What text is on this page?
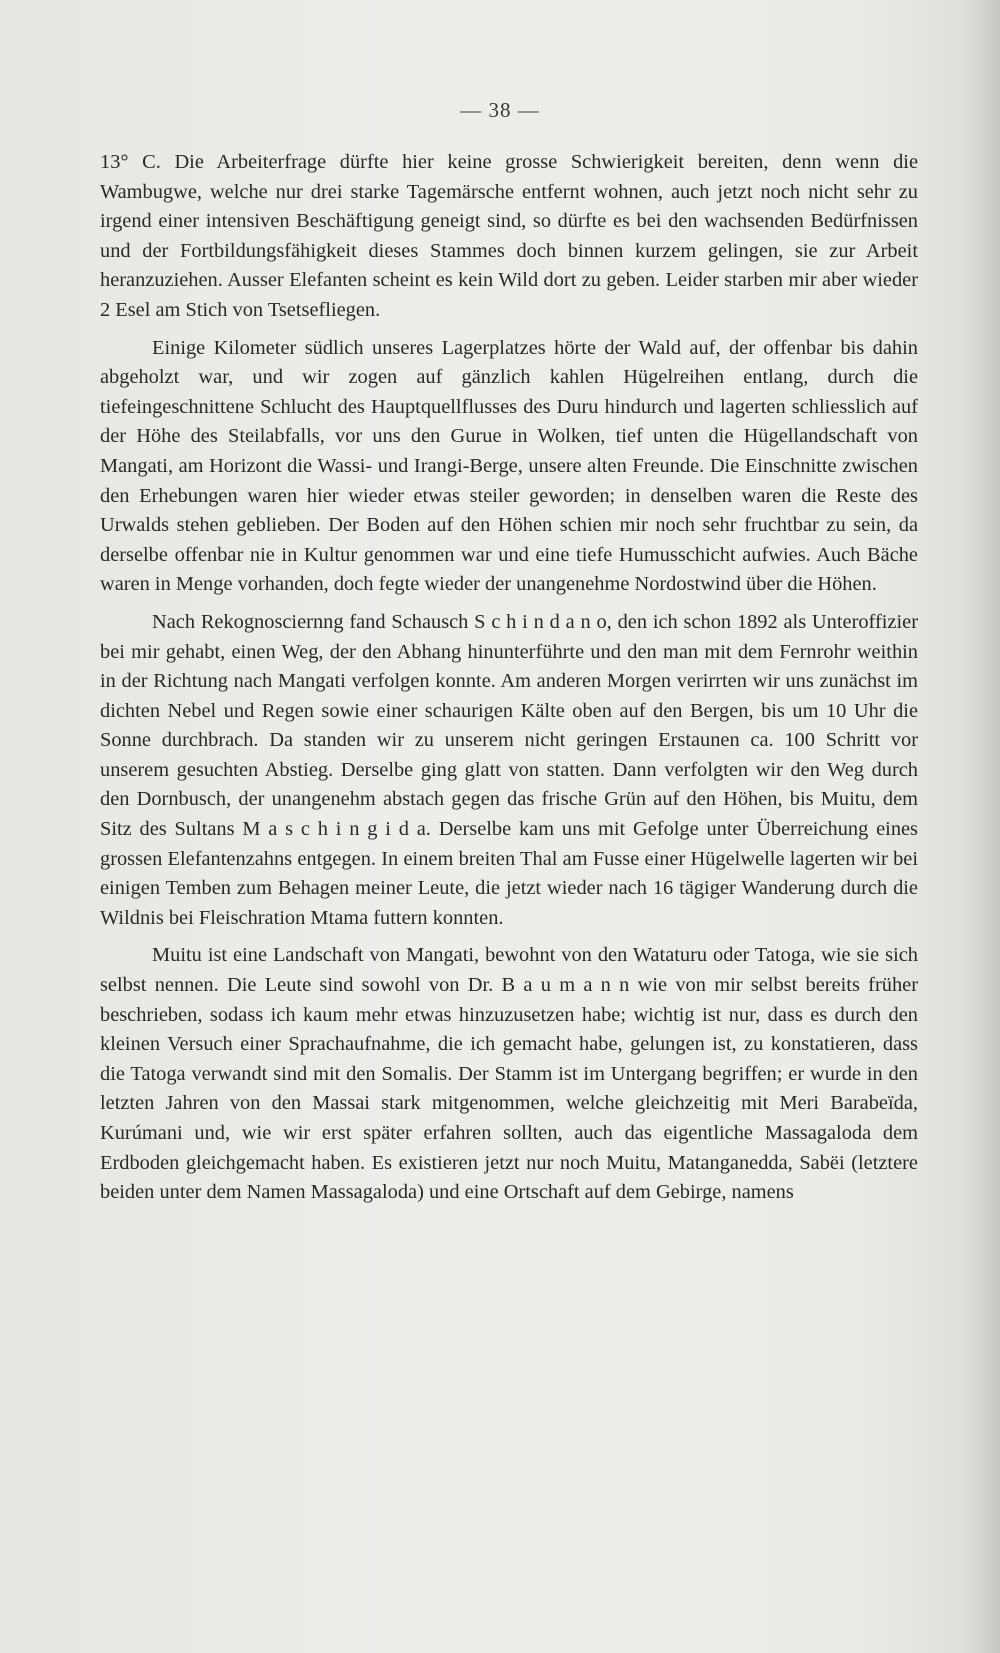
— 38 —

13° C. Die Arbeiterfrage dürfte hier keine grosse Schwierigkeit bereiten, denn wenn die Wambugwe, welche nur drei starke Tagemärsche entfernt wohnen, auch jetzt noch nicht sehr zu irgend einer intensiven Beschäftigung geneigt sind, so dürfte es bei den wachsenden Bedürfnissen und der Fortbildungsfähigkeit dieses Stammes doch binnen kurzem gelingen, sie zur Arbeit heranzuziehen. Ausser Elefanten scheint es kein Wild dort zu geben. Leider starben mir aber wieder 2 Esel am Stich von Tsetsefliegen.

Einige Kilometer südlich unseres Lagerplatzes hörte der Wald auf, der offenbar bis dahin abgeholzt war, und wir zogen auf gänzlich kahlen Hügelreihen entlang, durch die tiefeingeschnittene Schlucht des Hauptquellflusses des Duru hindurch und lagerten schliesslich auf der Höhe des Steilabfalls, vor uns den Gurue in Wolken, tief unten die Hügellandschaft von Mangati, am Horizont die Wassi- und Irangi-Berge, unsere alten Freunde. Die Einschnitte zwischen den Erhebungen waren hier wieder etwas steiler geworden; in denselben waren die Reste des Urwalds stehen geblieben. Der Boden auf den Höhen schien mir noch sehr fruchtbar zu sein, da derselbe offenbar nie in Kultur genommen war und eine tiefe Humusschicht aufwies. Auch Bäche waren in Menge vorhanden, doch fegte wieder der unangenehme Nordostwind über die Höhen.

Nach Rekognosciernng fand Schausch S c h i n d a n o, den ich schon 1892 als Unteroffizier bei mir gehabt, einen Weg, der den Abhang hinunterführte und den man mit dem Fernrohr weithin in der Richtung nach Mangati verfolgen konnte. Am anderen Morgen verirrten wir uns zunächst im dichten Nebel und Regen sowie einer schaurigen Kälte oben auf den Bergen, bis um 10 Uhr die Sonne durchbrach. Da standen wir zu unserem nicht geringen Erstaunen ca. 100 Schritt vor unserem gesuchten Abstieg. Derselbe ging glatt von statten. Dann verfolgten wir den Weg durch den Dornbusch, der unangenehm abstach gegen das frische Grün auf den Höhen, bis Muitu, dem Sitz des Sultans M a s c h i n g i d a. Derselbe kam uns mit Gefolge unter Überreichung eines grossen Elefantenzahns entgegen. In einem breiten Thal am Fusse einer Hügelwelle lagerten wir bei einigen Temben zum Behagen meiner Leute, die jetzt wieder nach 16 tägiger Wanderung durch die Wildnis bei Fleischration Mtama futtern konnten.

Muitu ist eine Landschaft von Mangati, bewohnt von den Wataturu oder Tatoga, wie sie sich selbst nennen. Die Leute sind sowohl von Dr. B a u m a n n wie von mir selbst bereits früher beschrieben, sodass ich kaum mehr etwas hinzuzusetzen habe; wichtig ist nur, dass es durch den kleinen Versuch einer Sprachaufnahme, die ich gemacht habe, gelungen ist, zu konstatieren, dass die Tatoga verwandt sind mit den Somalis. Der Stamm ist im Untergang begriffen; er wurde in den letzten Jahren von den Massai stark mitgenommen, welche gleichzeitig mit Meri Barabeïda, Kurúmani und, wie wir erst später erfahren sollten, auch das eigentliche Massagaloda dem Erdboden gleichgemacht haben. Es existieren jetzt nur noch Muitu, Matanganedda, Sabëi (letztere beiden unter dem Namen Massagaloda) und eine Ortschaft auf dem Gebirge, namens
